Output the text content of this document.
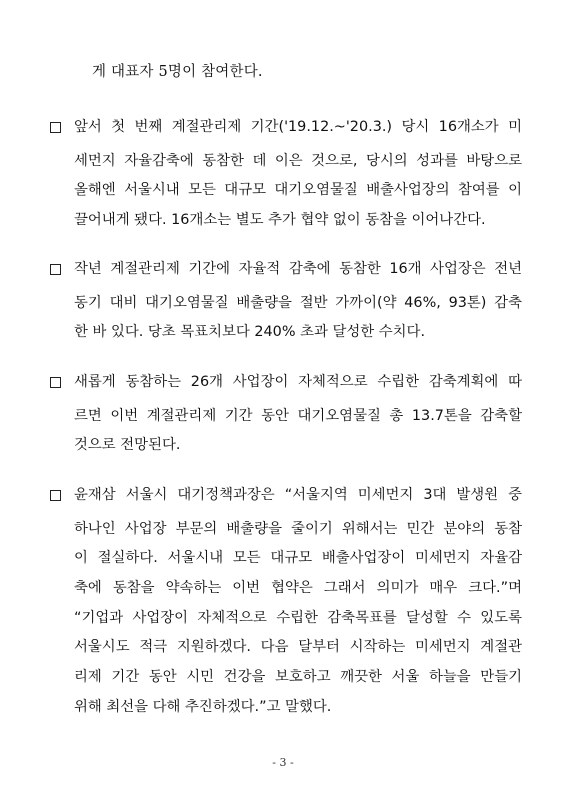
게 대표자 5명이 참여한다.
앞서 첫 번째 계절관리제 기간('19.12.~'20.3.) 당시 16개소가 미
세먼지 자율감축에 동참한 데 이은 것으로, 당시의 성과를 바탕으로
올해엔 서울시내 모든 대규모 대기오염물질 배출사업장의 참여를 이
끌어내게 됐다. 16개소는 별도 추가 협약 없이 동참을 이어나간다.
작년 계절관리제 기간에 자율적 감축에 동참한 16개 사업장은 전년
동기 대비 대기오염물질 배출량을 절반 가까이(약 46%, 93톤) 감축
한 바 있다. 당초 목표치보다 240% 초과 달성한 수치다.
새롭게 동참하는 26개 사업장이 자체적으로 수립한 감축계획에 따
르면 이번 계절관리제 기간 동안 대기오염물질 총 13.7톤을 감축할
것으로 전망된다.
윤재삼 서울시 대기정책과장은 “서울지역 미세먼지 3대 발생원 중
하나인 사업장 부문의 배출량을 줄이기 위해서는 민간 분야의 동참
이 절실하다. 서울시내 모든 대규모 배출사업장이 미세먼지 자율감
축에 동참을 약속하는 이번 협약은 그래서 의미가 매우 크다.”며
“기업과 사업장이 자체적으로 수립한 감축목표를 달성할 수 있도록
서울시도 적극 지원하겠다. 다음 달부터 시작하는 미세먼지 계절관
리제 기간 동안 시민 건강을 보호하고 깨끗한 서울 하늘을 만들기
위해 최선을 다해 추진하겠다.”고 말했다.
- 3 -
